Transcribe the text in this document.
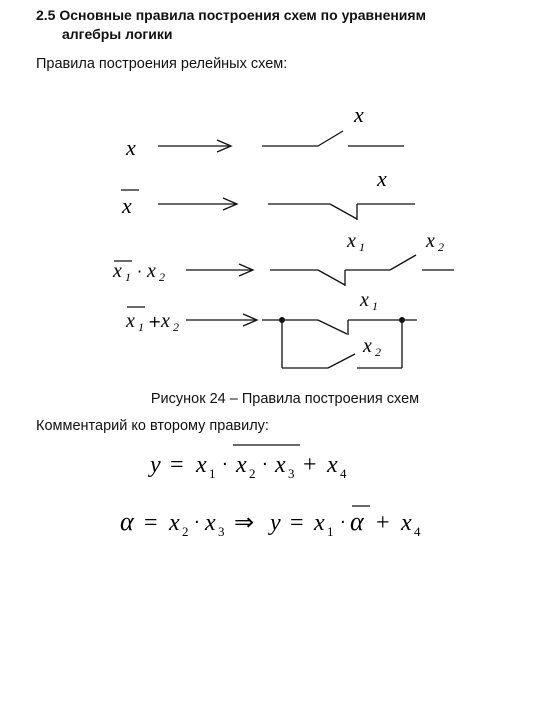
2.5 Основные правила построения схем по уравнениям
алгебры логики
Правила построения релейных схем:
x
x
x
x
x 1 · x 2
x 1	x 2
x 1 + x 2
x 1
x 2
Рисунок 24 – Правила построения схем
Комментарий ко второму правилу:
y = x 1 · x 2 · x 3 + x 4
α = x 2 · x 3 ⇒ y = x 1 · α + x 4
